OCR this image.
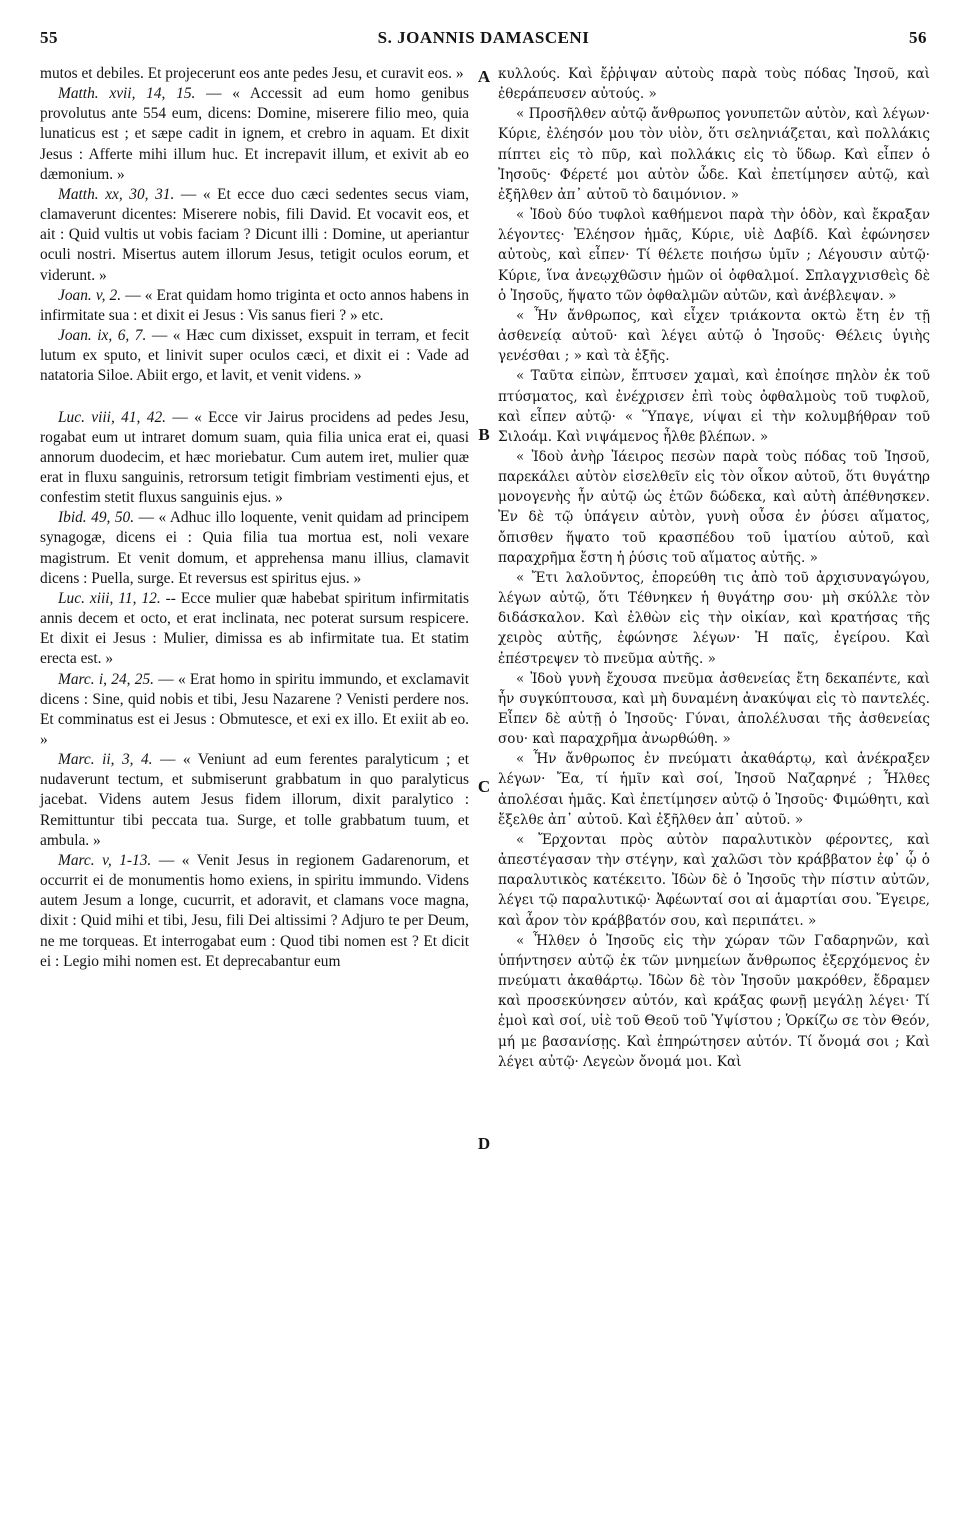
55	S. JOANNIS DAMASCENI	56
A
B
C
D

mutos et debiles. Et projecerunt eos ante pedes Jesu, et curavit eos. »

Matth. xvii, 14, 15. — « Accessit ad eum homo genibus provolutus ante 554 eum, dicens: Domine, miserere filio meo, quia lunaticus est ; et sæpe cadit in ignem, et crebro in aquam. Et dixit Jesus : Afferte mihi illum huc. Et increpavit illum, et exivit ab eo dæmonium. »

Matth. xx, 30, 31. — « Et ecce duo cæci sedentes secus viam, clamaverunt dicentes: Miserere nobis, fili David. Et vocavit eos, et ait : Quid vultis ut vobis faciam ? Dicunt illi : Domine, ut aperiantur oculi nostri. Misertus autem illorum Jesus, tetigit oculos eorum, et viderunt. »

Joan. v, 2. — « Erat quidam homo triginta et octo annos habens in infirmitate sua : et dixit ei Jesus : Vis sanus fieri ? » etc.

Joan. ix, 6, 7. — « Hæc cum dixisset, exspuit in terram, et fecit lutum ex sputo, et linivit super oculos cæci, et dixit ei : Vade ad natatoria Siloe. Abiit ergo, et lavit, et venit videns. »

Luc. viii, 41, 42. — « Ecce vir Jairus procidens ad pedes Jesu, rogabat eum ut intraret domum suam, quia filia unica erat ei, quasi annorum duodecim, et hæc moriebatur. Cum autem iret, mulier quæ erat in fluxu sanguinis, retrorsum tetigit fimbriam vestimenti ejus, et confestim stetit fluxus sanguinis ejus. »

Ibid. 49, 50. — « Adhuc illo loquente, venit quidam ad principem synagogæ, dicens ei : Quia filia tua mortua est, noli vexare magistrum. Et venit domum, et apprehensa manu illius, clamavit dicens : Puella, surge. Et reversus est spiritus ejus. »

Luc. xiii, 11, 12. -- Ecce mulier quæ habebat spiritum infirmitatis annis decem et octo, et erat inclinata, nec poterat sursum respicere. Et dixit ei Jesus : Mulier, dimissa es ab infirmitate tua. Et statim erecta est. »

Marc. i, 24, 25. — « Erat homo in spiritu immundo, et exclamavit dicens : Sine, quid nobis et tibi, Jesu Nazarene ? Venisti perdere nos. Et comminatus est ei Jesus : Obmutesce, et exi ex illo. Et exiit ab eo. »

Marc. ii, 3, 4. — « Veniunt ad eum ferentes paralyticum ; et nudaverunt tectum, et submiserunt grabbatum in quo paralyticus jacebat. Videns autem Jesus fidem illorum, dixit paralytico : Remittuntur tibi peccata tua. Surge, et tolle grabbatum tuum, et ambula. »

Marc. v, 1-13. — « Venit Jesus in regionem Gadarenorum, et occurrit ei de monumentis homo exiens, in spiritu immundo. Videns autem Jesum a longe, cucurrit, et adoravit, et clamans voce magna, dixit : Quid mihi et tibi, Jesu, fili Dei altissimi ? Adjuro te per Deum, ne me torqueas. Et interrogabat eum : Quod tibi nomen est ? Et dicit ei : Legio mihi nomen est. Et deprecabantur eum

κυλλούς. Καὶ ἔῤῥιψαν αὐτοὺς παρὰ τοὺς πόδας Ἰησοῦ, καὶ ἐθεράπευσεν αὐτούς. »

« Προσῆλθεν αὐτῷ ἄνθρωπος γονυπετῶν αὐτὸν, καὶ λέγων· Κύριε, ἐλέησόν μου τὸν υἱὸν, ὅτι σεληνιάζεται, καὶ πολλάκις πίπτει εἰς τὸ πῦρ, καὶ πολλάκις εἰς τὸ ὕδωρ. Καὶ εἶπεν ὁ Ἰησοῦς· Φέρετέ μοι αὐτὸν ὧδε. Καὶ ἐπετίμησεν αὐτῷ, καὶ ἐξῆλθεν ἀπ᾿ αὐτοῦ τὸ δαιμόνιον. »

« Ἰδοὺ δύο τυφλοὶ καθήμενοι παρὰ τὴν ὁδὸν, καὶ ἔκραξαν λέγοντες· Ἐλέησον ἡμᾶς, Κύριε, υἱὲ Δαβίδ. Καὶ ἐφώνησεν αὐτοὺς, καὶ εἶπεν· Τί θέλετε ποιήσω ὑμῖν ; Λέγουσιν αὐτῷ· Κύριε, ἵνα ἀνεῳχθῶσιν ἡμῶν οἱ ὀφθαλμοί. Σπλαγχνισθεὶς δὲ ὁ Ἰησοῦς, ἥψατο τῶν ὀφθαλμῶν αὐτῶν, καὶ ἀνέβλεψαν. »

« Ἦν ἄνθρωπος, καὶ εἶχεν τριάκοντα οκτὼ ἔτη ἐν τῇ ἀσθενείᾳ αὐτοῦ· καὶ λέγει αὐτῷ ὁ Ἰησοῦς· Θέλεις ὑγιὴς γενέσθαι ; » καὶ τὰ ἑξῆς.

« Ταῦτα εἰπὼν, ἔπτυσεν χαμαὶ, καὶ ἐποίησε πηλὸν ἐκ τοῦ πτύσματος, καὶ ἐνέχρισεν ἐπὶ τοὺς ὀφθαλμοὺς τοῦ τυφλοῦ, καὶ εἶπεν αὐτῷ· « Ὕπαγε, νίψαι εἰ τὴν κολυμβήθραν τοῦ Σιλοάμ. Καὶ νιψάμενος ἦλθε βλέπων. »

« Ἰδοὺ ἀνὴρ Ἰάειρος πεσὼν παρὰ τοὺς πόδας τοῦ Ἰησοῦ, παρεκάλει αὐτὸν εἰσελθεῖν εἰς τὸν οἶκον αὐτοῦ, ὅτι θυγάτηρ μονογενὴς ἦν αὐτῷ ὡς ἐτῶν δώδεκα, καὶ αὐτὴ ἀπέθνησκεν. Ἐν δὲ τῷ ὑπάγειν αὐτὸν, γυνὴ οὖσα ἐν ῥύσει αἵματος, ὄπισθεν ἥψατο τοῦ κρασπέδου τοῦ ἱματίου αὐτοῦ, καὶ παραχρῆμα ἔστη ἡ ῥύσις τοῦ αἵματος αὐτῆς. »

« Ἔτι λαλοῦντος, ἐπορεύθη τις ἀπὸ τοῦ ἀρχισυναγώγου, λέγων αὐτῷ, ὅτι Τέθνηκεν ἡ θυγάτηρ σου· μὴ σκύλλε τὸν διδάσκαλον. Καὶ ἐλθὼν εἰς τὴν οἰκίαν, καὶ κρατήσας τῆς χειρὸς αὐτῆς, ἐφώνησε λέγων· Ἡ παῖς, ἐγείρου. Καὶ ἐπέστρεψεν τὸ πνεῦμα αὐτῆς. »

« Ἰδοὺ γυνὴ ἔχουσα πνεῦμα ἀσθενείας ἔτη δεκαπέντε, καὶ ἦν συγκύπτουσα, καὶ μὴ δυναμένη ἀνακύψαι εἰς τὸ παντελές. Εἶπεν δὲ αὐτῇ ὁ Ἰησοῦς· Γύναι, ἀπολέλυσαι τῆς ἀσθενείας σου· καὶ παραχρῆμα ἀνωρθώθη. »

« Ἦν ἄνθρωπος ἐν πνεύματι ἀκαθάρτῳ, καὶ ἀνέκραξεν λέγων· Ἔα, τί ἡμῖν καὶ σοί, Ἰησοῦ Ναζαρηνέ ; Ἦλθες ἀπολέσαι ἡμᾶς. Καὶ ἐπετίμησεν αὐτῷ ὁ Ἰησοῦς· Φιμώθητι, καὶ ἔξελθε ἀπ᾿ αὐτοῦ. Καὶ ἐξῆλθεν ἀπ᾿ αὐτοῦ. »

« Ἔρχονται πρὸς αὐτὸν παραλυτικὸν φέροντες, καὶ ἀπεστέγασαν τὴν στέγην, καὶ χαλῶσι τὸν κράββατον ἐφ᾿ ᾧ ὁ παραλυτικὸς κατέκειτο. Ἰδὼν δὲ ὁ Ἰησοῦς τὴν πίστιν αὐτῶν, λέγει τῷ παραλυτικῷ· Ἀφέωνταί σοι αἱ ἁμαρτίαι σου. Ἔγειρε, καὶ ἆρον τὸν κράββατόν σου, καὶ περιπάτει. »

« Ἦλθεν ὁ Ἰησοῦς εἰς τὴν χώραν τῶν Γαδαρηνῶν, καὶ ὑπήντησεν αὐτῷ ἐκ τῶν μνημείων ἄνθρωπος ἐξερχόμενος ἐν πνεύματι ἀκαθάρτῳ. Ἰδὼν δὲ τὸν Ἰησοῦν μακρόθεν, ἔδραμεν καὶ προσεκύνησεν αὐτόν, καὶ κράξας φωνῇ μεγάλῃ λέγει· Τί ἐμοὶ καὶ σοί, υἱὲ τοῦ Θεοῦ τοῦ Ὑψίστου ; Ὁρκίζω σε τὸν Θεόν, μή με βασανίσῃς. Καὶ ἐπηρώτησεν αὐτόν. Τί ὄνομά σοι ; Καὶ λέγει αὐτῷ· Λεγεὼν ὄνομά μοι. Καὶ
